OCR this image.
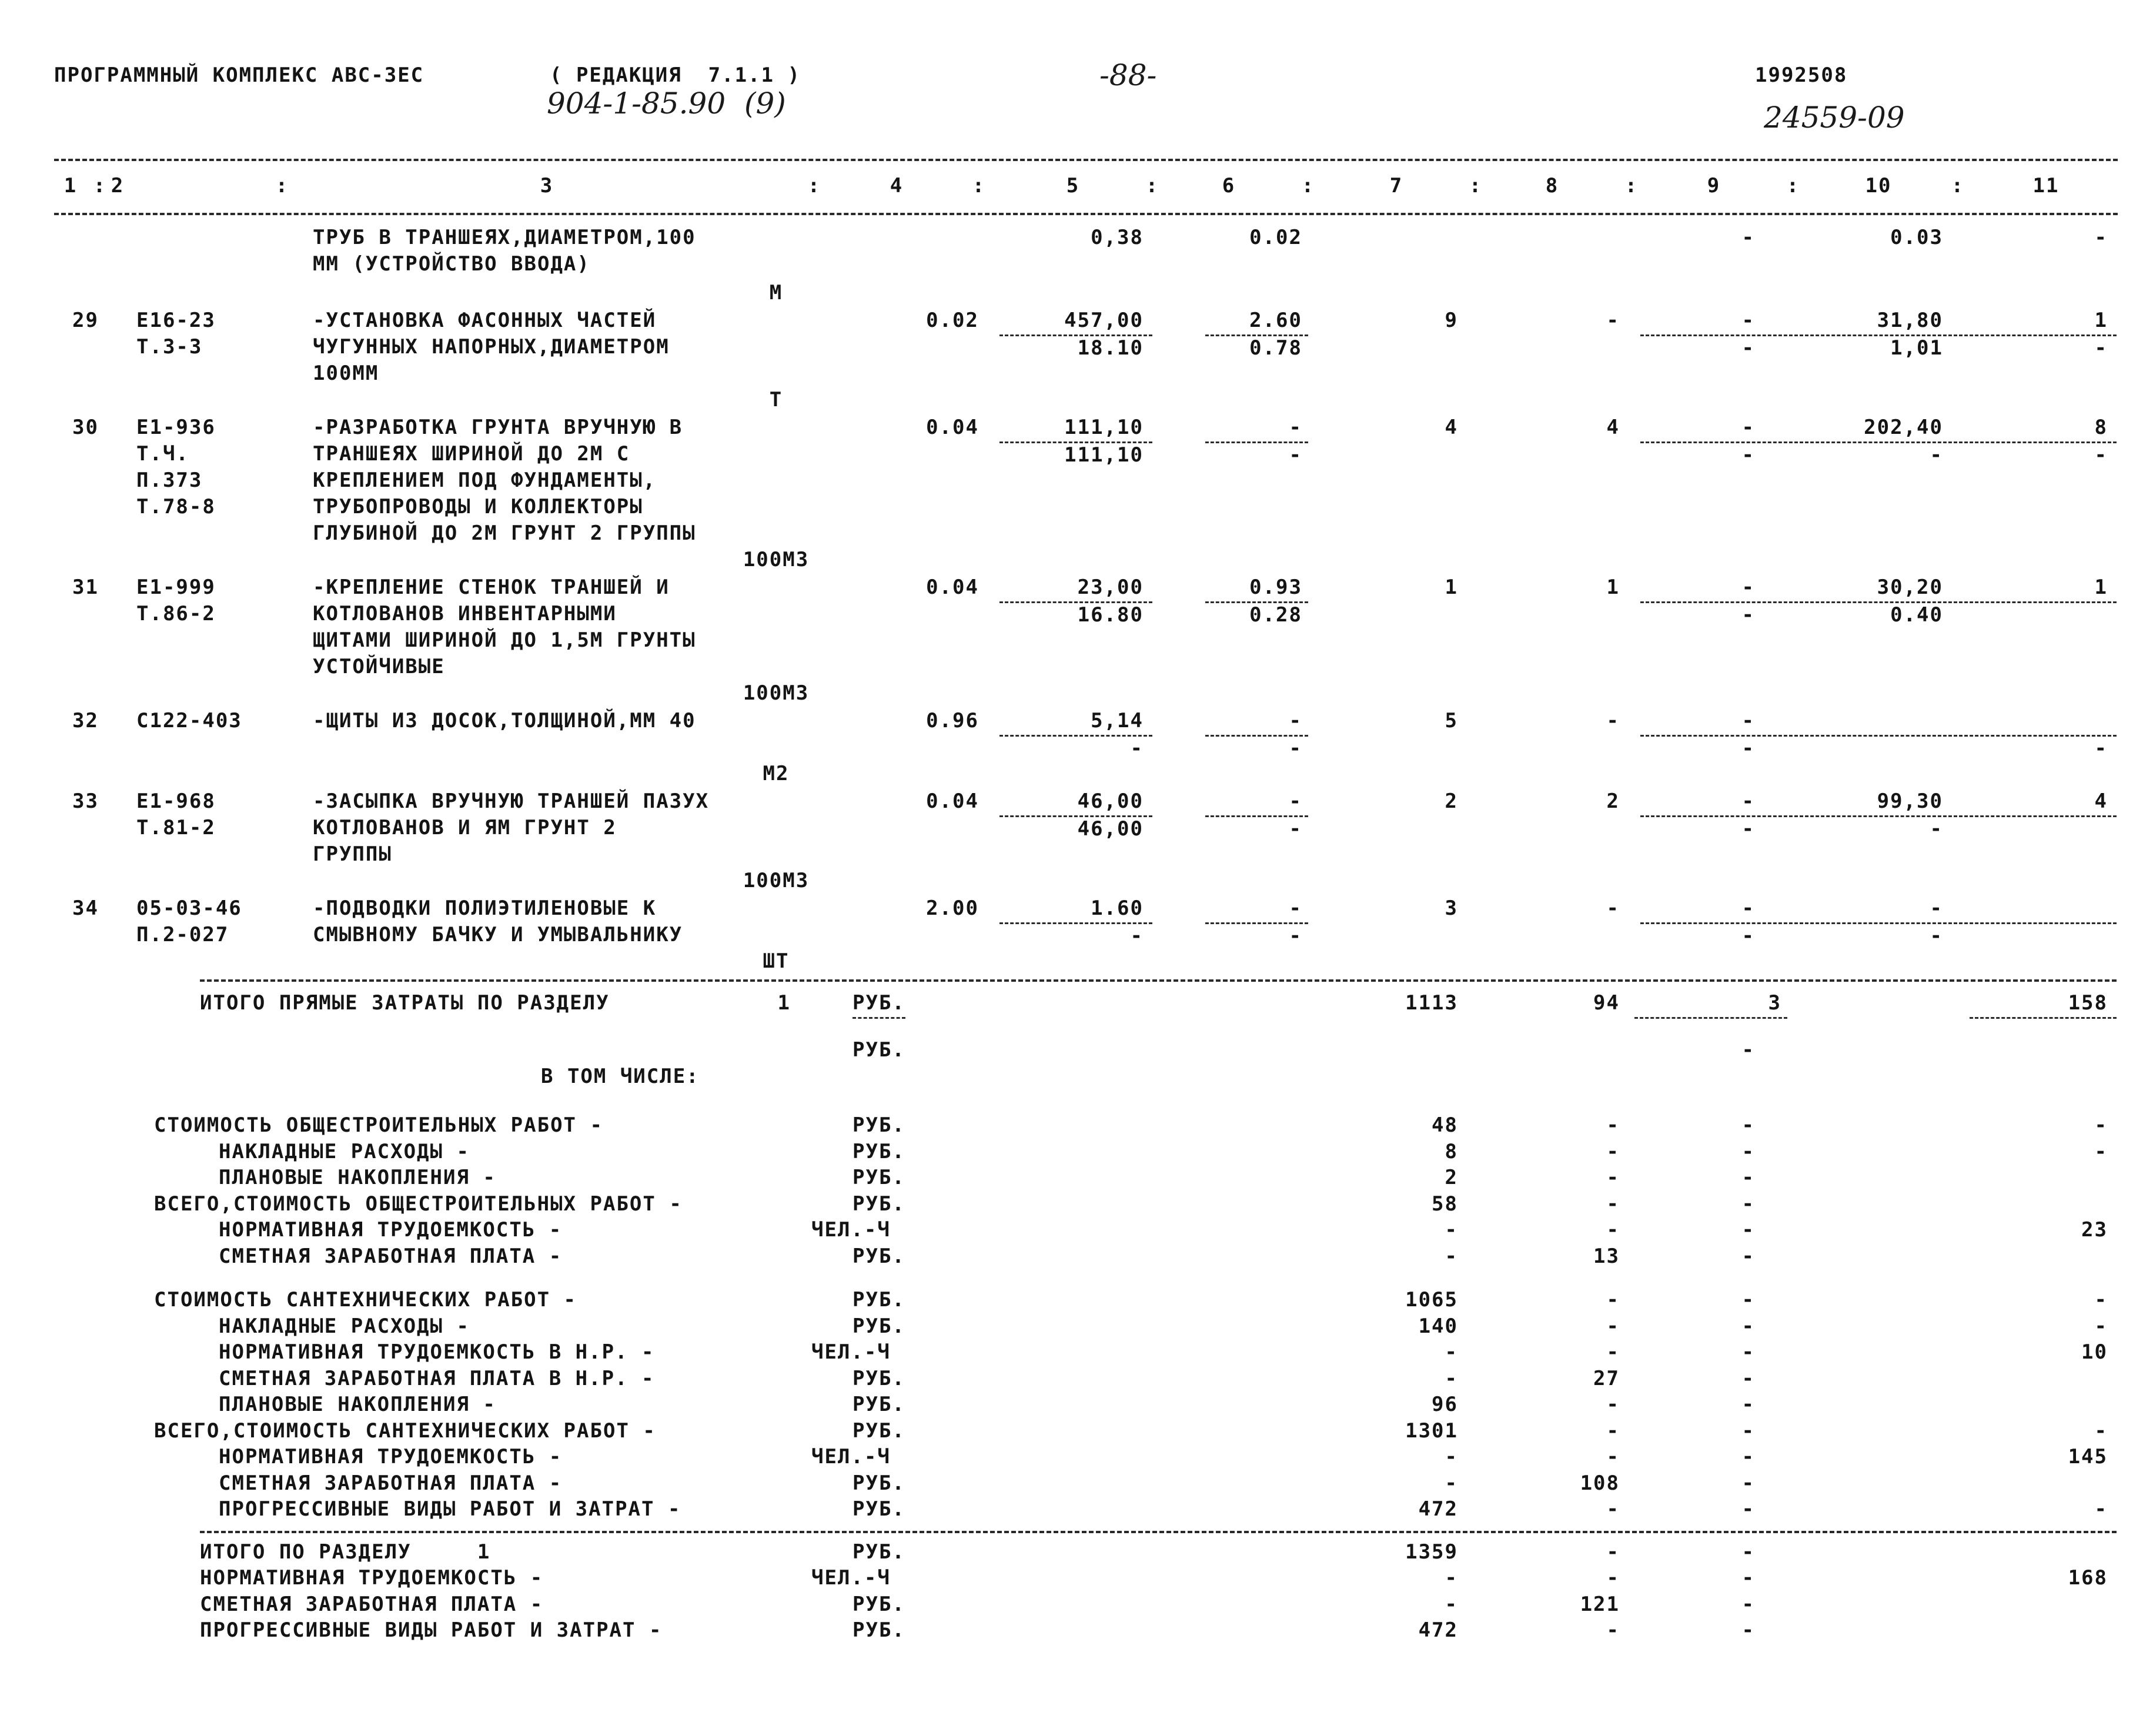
ПРОГРАММНЫЙ КОМПЛЕКС АВС-ЗЕС	( РЕДАКЦИЯ  7.1.1 )
904-1-85.90  (9)
-88-	1992508
24559-09
1	2	3	4	5	6	7	8	9	10	11
:	:	:	:	:	:	:	:	:	:
ТРУБ В ТРАНШЕЯХ,ДИАМЕТРОМ,100
ММ (УСТРОЙСТВО ВВОДА)
0,38	0.02	-	0.03	-
М
29 Е16-23
Т.3-3
-УСТАНОВКА ФАСОННЫХ ЧАСТЕЙ
ЧУГУННЫХ НАПОРНЫХ,ДИАМЕТРОМ
100ММ
0.02	457,00	2.60	9	-	-	31,80	1
18.10	0.78	-	1,01	-
Т
30 Е1-936
Т.Ч.
П.373
Т.78-8
-РАЗРАБОТКА ГРУНТА ВРУЧНУЮ В
ТРАНШЕЯХ ШИРИНОЙ ДО 2М С
КРЕПЛЕНИЕМ ПОД ФУНДАМЕНТЫ,
ТРУБОПРОВОДЫ И КОЛЛЕКТОРЫ
ГЛУБИНОЙ ДО 2М ГРУНТ 2 ГРУППЫ
0.04	111,10	-	4	4	-	202,40	8
111,10	-	-	-	-
100М3
31 Е1-999
Т.86-2
-КРЕПЛЕНИЕ СТЕНОК ТРАНШЕЙ И
КОТЛОВАНОВ ИНВЕНТАРНЫМИ
ЩИТАМИ ШИРИНОЙ ДО 1,5М ГРУНТЫ
УСТОЙЧИВЫЕ
0.04	23,00	0.93	1	1	-	30,20	1
16.80	0.28	-	0.40
100М3
32 С122-403	-ЩИТЫ ИЗ ДОСОК,ТОЛЩИНОЙ,ММ 40	0.96	5,14	-	5	-	-
-	-	-	-
М2
33 Е1-968
Т.81-2
-ЗАСЫПКА ВРУЧНУЮ ТРАНШЕЙ ПАЗУХ
КОТЛОВАНОВ И ЯМ ГРУНТ 2
ГРУППЫ
0.04	46,00	-	2	2	-	99,30	4
46,00	-	-	-
100М3
34 05-03-46
П.2-027
-ПОДВОДКИ ПОЛИЭТИЛЕНОВЫЕ К
СМЫВНОМУ БАЧКУ И УМЫВАЛЬНИКУ
2.00	1.60	-	3	-	-	-
-	-	-	-
ШТ
ИТОГО ПРЯМЫЕ ЗАТРАТЫ ПО РАЗДЕЛУ	1	РУБ.	1113	94	3	158
РУБ.	-
В ТОМ ЧИСЛЕ:
СТОИМОСТЬ ОБЩЕСТРОИТЕЛЬНЫХ РАБОТ -	РУБ.	48	-	-	-
НАКЛАДНЫЕ РАСХОДЫ -	РУБ.	8	-	-	-
ПЛАНОВЫЕ НАКОПЛЕНИЯ -	РУБ.	2	-	-
ВСЕГО,СТОИМОСТЬ ОБЩЕСТРОИТЕЛЬНЫХ РАБОТ -	РУБ.	58	-	-
НОРМАТИВНАЯ ТРУДОЕМКОСТЬ -	ЧЕЛ.-Ч	-	-	-	23
СМЕТНАЯ ЗАРАБОТНАЯ ПЛАТА -	РУБ.	-	13	-
СТОИМОСТЬ САНТЕХНИЧЕСКИХ РАБОТ -	РУБ.	1065	-	-	-
НАКЛАДНЫЕ РАСХОДЫ -	РУБ.	140	-	-	-
НОРМАТИВНАЯ ТРУДОЕМКОСТЬ В Н.Р. -	ЧЕЛ.-Ч	-	-	-	10
СМЕТНАЯ ЗАРАБОТНАЯ ПЛАТА В Н.Р. -	РУБ.	-	27	-
ПЛАНОВЫЕ НАКОПЛЕНИЯ -	РУБ.	96	-	-
ВСЕГО,СТОИМОСТЬ САНТЕХНИЧЕСКИХ РАБОТ -	РУБ.	1301	-	-	-
НОРМАТИВНАЯ ТРУДОЕМКОСТЬ -	ЧЕЛ.-Ч	-	-	-	145
СМЕТНАЯ ЗАРАБОТНАЯ ПЛАТА -	РУБ.	-	108	-
ПРОГРЕССИВНЫЕ ВИДЫ РАБОТ И ЗАТРАТ -	РУБ.	472	-	-	-
ИТОГО ПО РАЗДЕЛУ     1	РУБ.	1359	-	-
НОРМАТИВНАЯ ТРУДОЕМКОСТЬ -	ЧЕЛ.-Ч	-	-	-	168
СМЕТНАЯ ЗАРАБОТНАЯ ПЛАТА -	РУБ.	-	121	-
ПРОГРЕССИВНЫЕ ВИДЫ РАБОТ И ЗАТРАТ -	РУБ.	472	-	-
